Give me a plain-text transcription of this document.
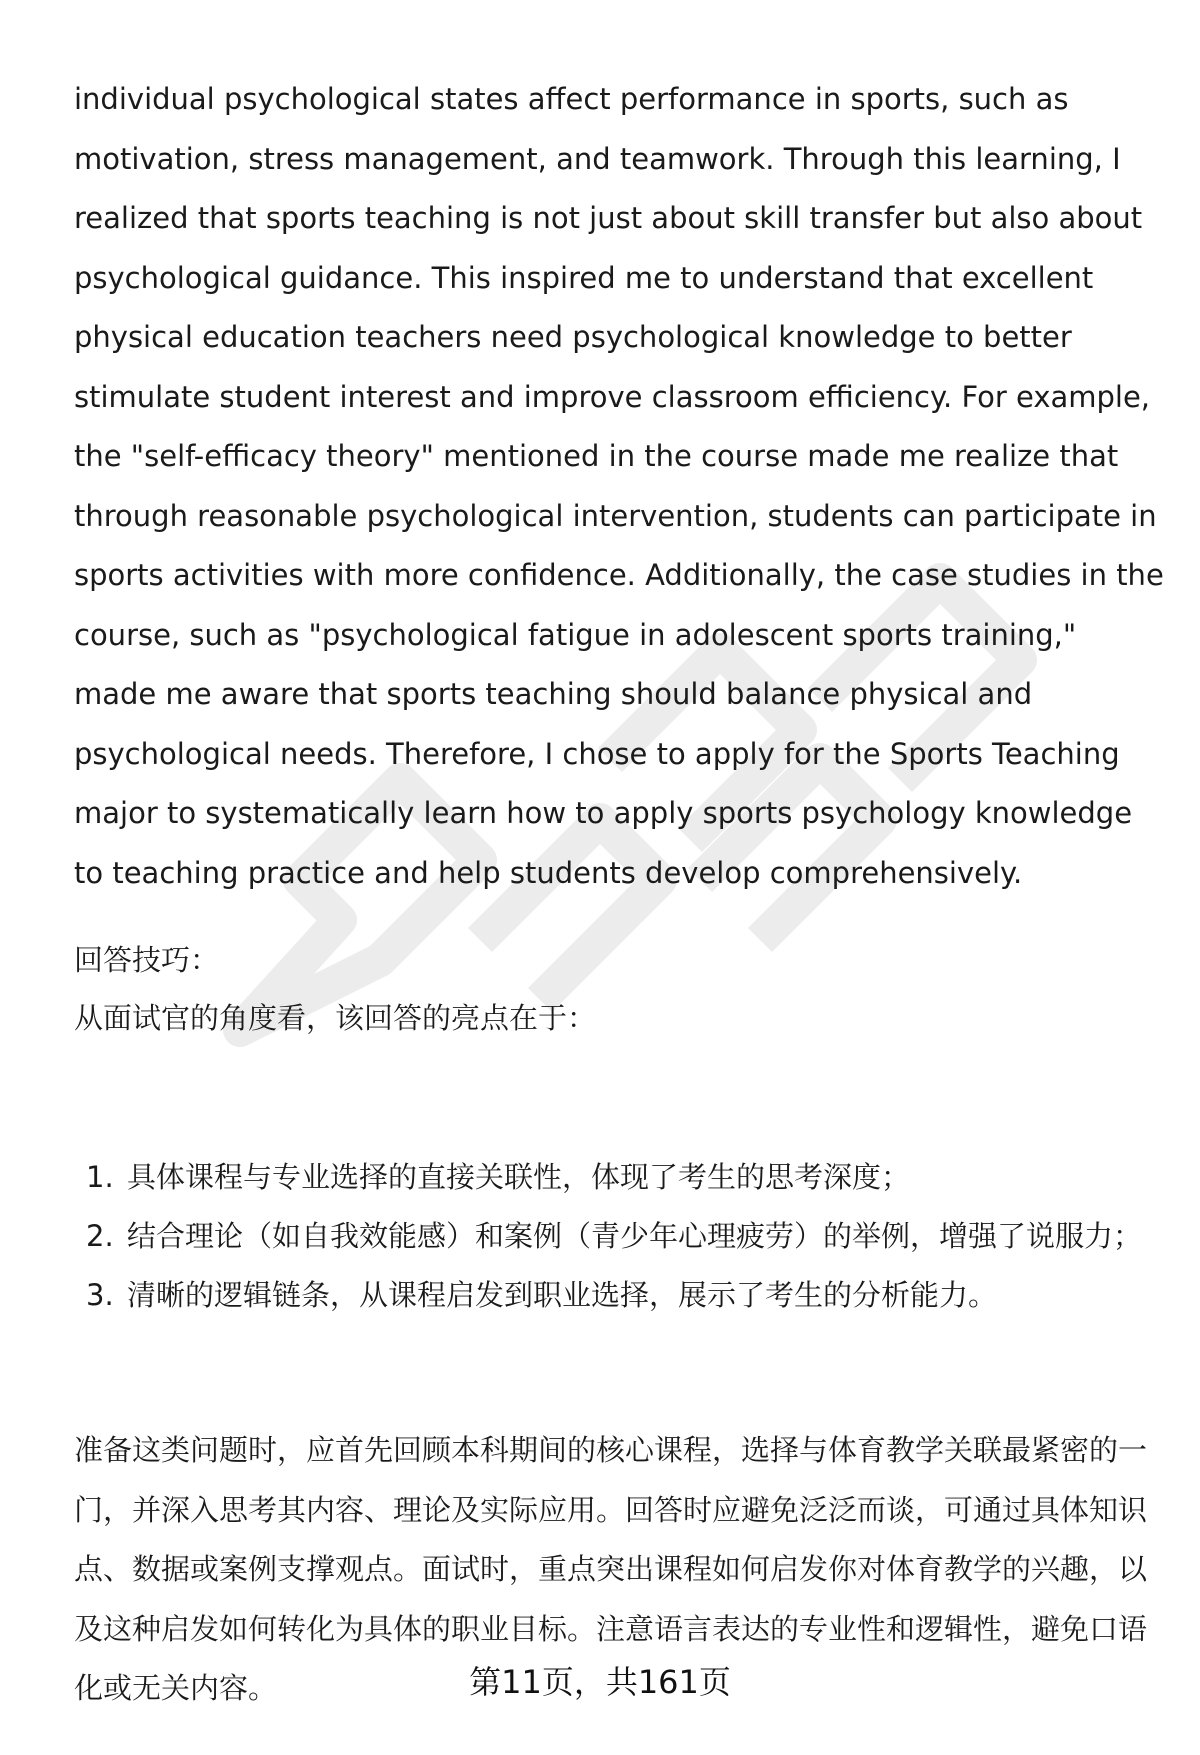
individual psychological states affect performance in sports, such as motivation, stress management, and teamwork. Through this learning, I realized that sports teaching is not just about skill transfer but also about psychological guidance. This inspired me to understand that excellent physical education teachers need psychological knowledge to better stimulate student interest and improve classroom efficiency. For example, the "self-efficacy theory" mentioned in the course made me realize that through reasonable psychological intervention, students can participate in sports activities with more confidence. Additionally, the case studies in the course, such as "psychological fatigue in adolescent sports training," made me aware that sports teaching should balance physical and psychological needs. Therefore, I chose to apply for the Sports Teaching major to systematically learn how to apply sports psychology knowledge to teaching practice and help students develop comprehensively.

回答技巧：

从面试官的角度看，该回答的亮点在于：

1. 具体课程与专业选择的直接关联性，体现了考生的思考深度；
2. 结合理论（如自我效能感）和案例（青少年心理疲劳）的举例，增强了说服力；
3. 清晰的逻辑链条，从课程启发到职业选择，展示了考生的分析能力。

准备这类问题时，应首先回顾本科期间的核心课程，选择与体育教学关联最紧密的一门，并深入思考其内容、理论及实际应用。回答时应避免泛泛而谈，可通过具体知识点、数据或案例支撑观点。面试时，重点突出课程如何启发你对体育教学的兴趣，以及这种启发如何转化为具体的职业目标。注意语言表达的专业性和逻辑性，避免口语化或无关内容。	第11页，共161页
